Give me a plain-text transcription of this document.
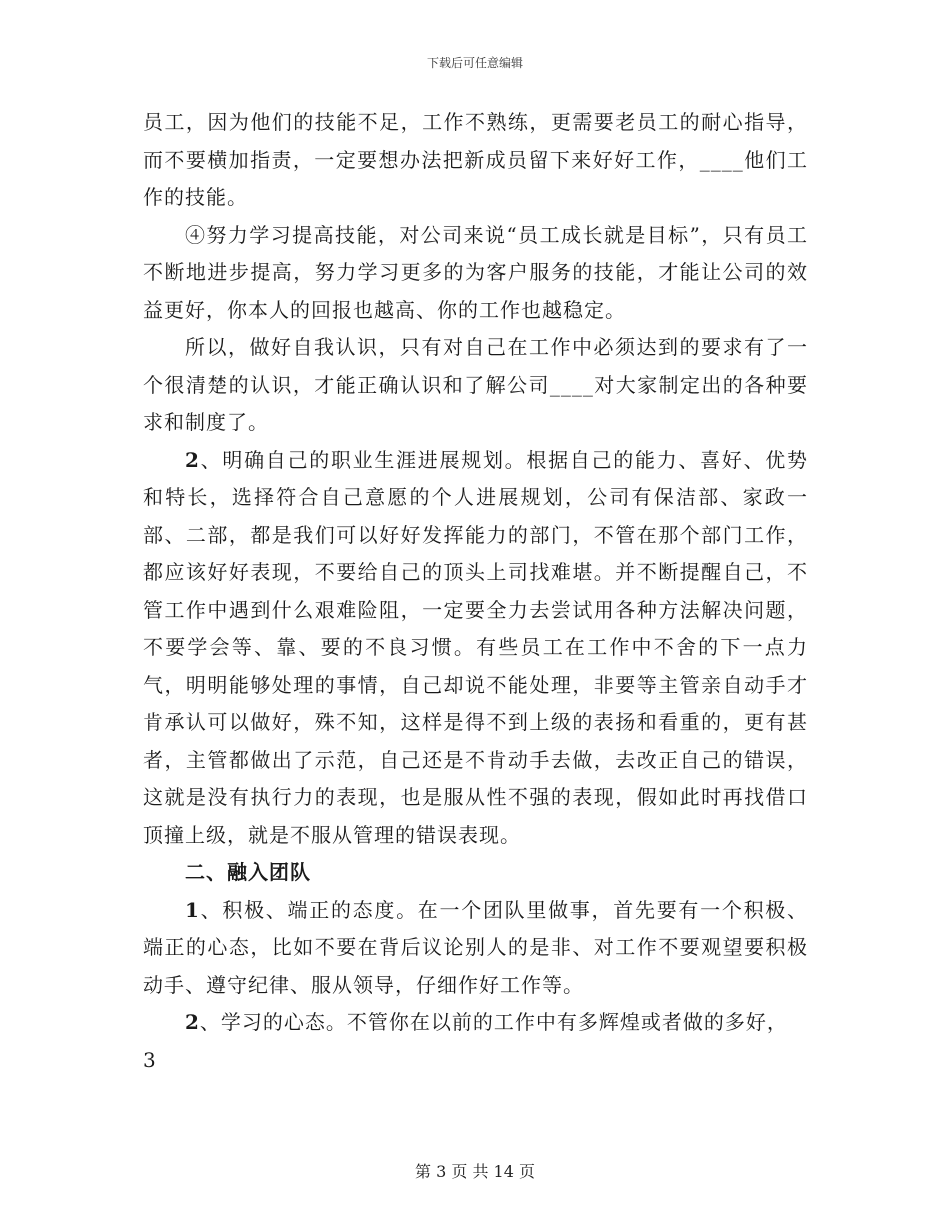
下载后可任意编辑

员工，因为他们的技能不足，工作不熟练，更需要老员工的耐心指导，而不要横加指责，一定要想办法把新成员留下来好好工作，____他们工作的技能。

④努力学习提高技能，对公司来说“员工成长就是目标”，只有员工不断地进步提高，努力学习更多的为客户服务的技能，才能让公司的效益更好，你本人的回报也越高、你的工作也越稳定。

所以，做好自我认识，只有对自己在工作中必须达到的要求有了一个很清楚的认识，才能正确认识和了解公司____对大家制定出的各种要求和制度了。

2、明确自己的职业生涯进展规划。根据自己的能力、喜好、优势和特长，选择符合自己意愿的个人进展规划，公司有保洁部、家政一部、二部，都是我们可以好好发挥能力的部门，不管在那个部门工作，都应该好好表现，不要给自己的顶头上司找难堪。并不断提醒自己，不管工作中遇到什么艰难险阻，一定要全力去尝试用各种方法解决问题，不要学会等、靠、要的不良习惯。有些员工在工作中不舍的下一点力气，明明能够处理的事情，自己却说不能处理，非要等主管亲自动手才肯承认可以做好，殊不知，这样是得不到上级的表扬和看重的，更有甚者，主管都做出了示范，自己还是不肯动手去做，去改正自己的错误，这就是没有执行力的表现，也是服从性不强的表现，假如此时再找借口顶撞上级，就是不服从管理的错误表现。

二、融入团队

1、积极、端正的态度。在一个团队里做事，首先要有一个积极、端正的心态，比如不要在背后议论别人的是非、对工作不要观望要积极动手、遵守纪律、服从领导，仔细作好工作等。

2、学习的心态。不管你在以前的工作中有多辉煌或者做的多好，

3

第 3 页 共 14 页
